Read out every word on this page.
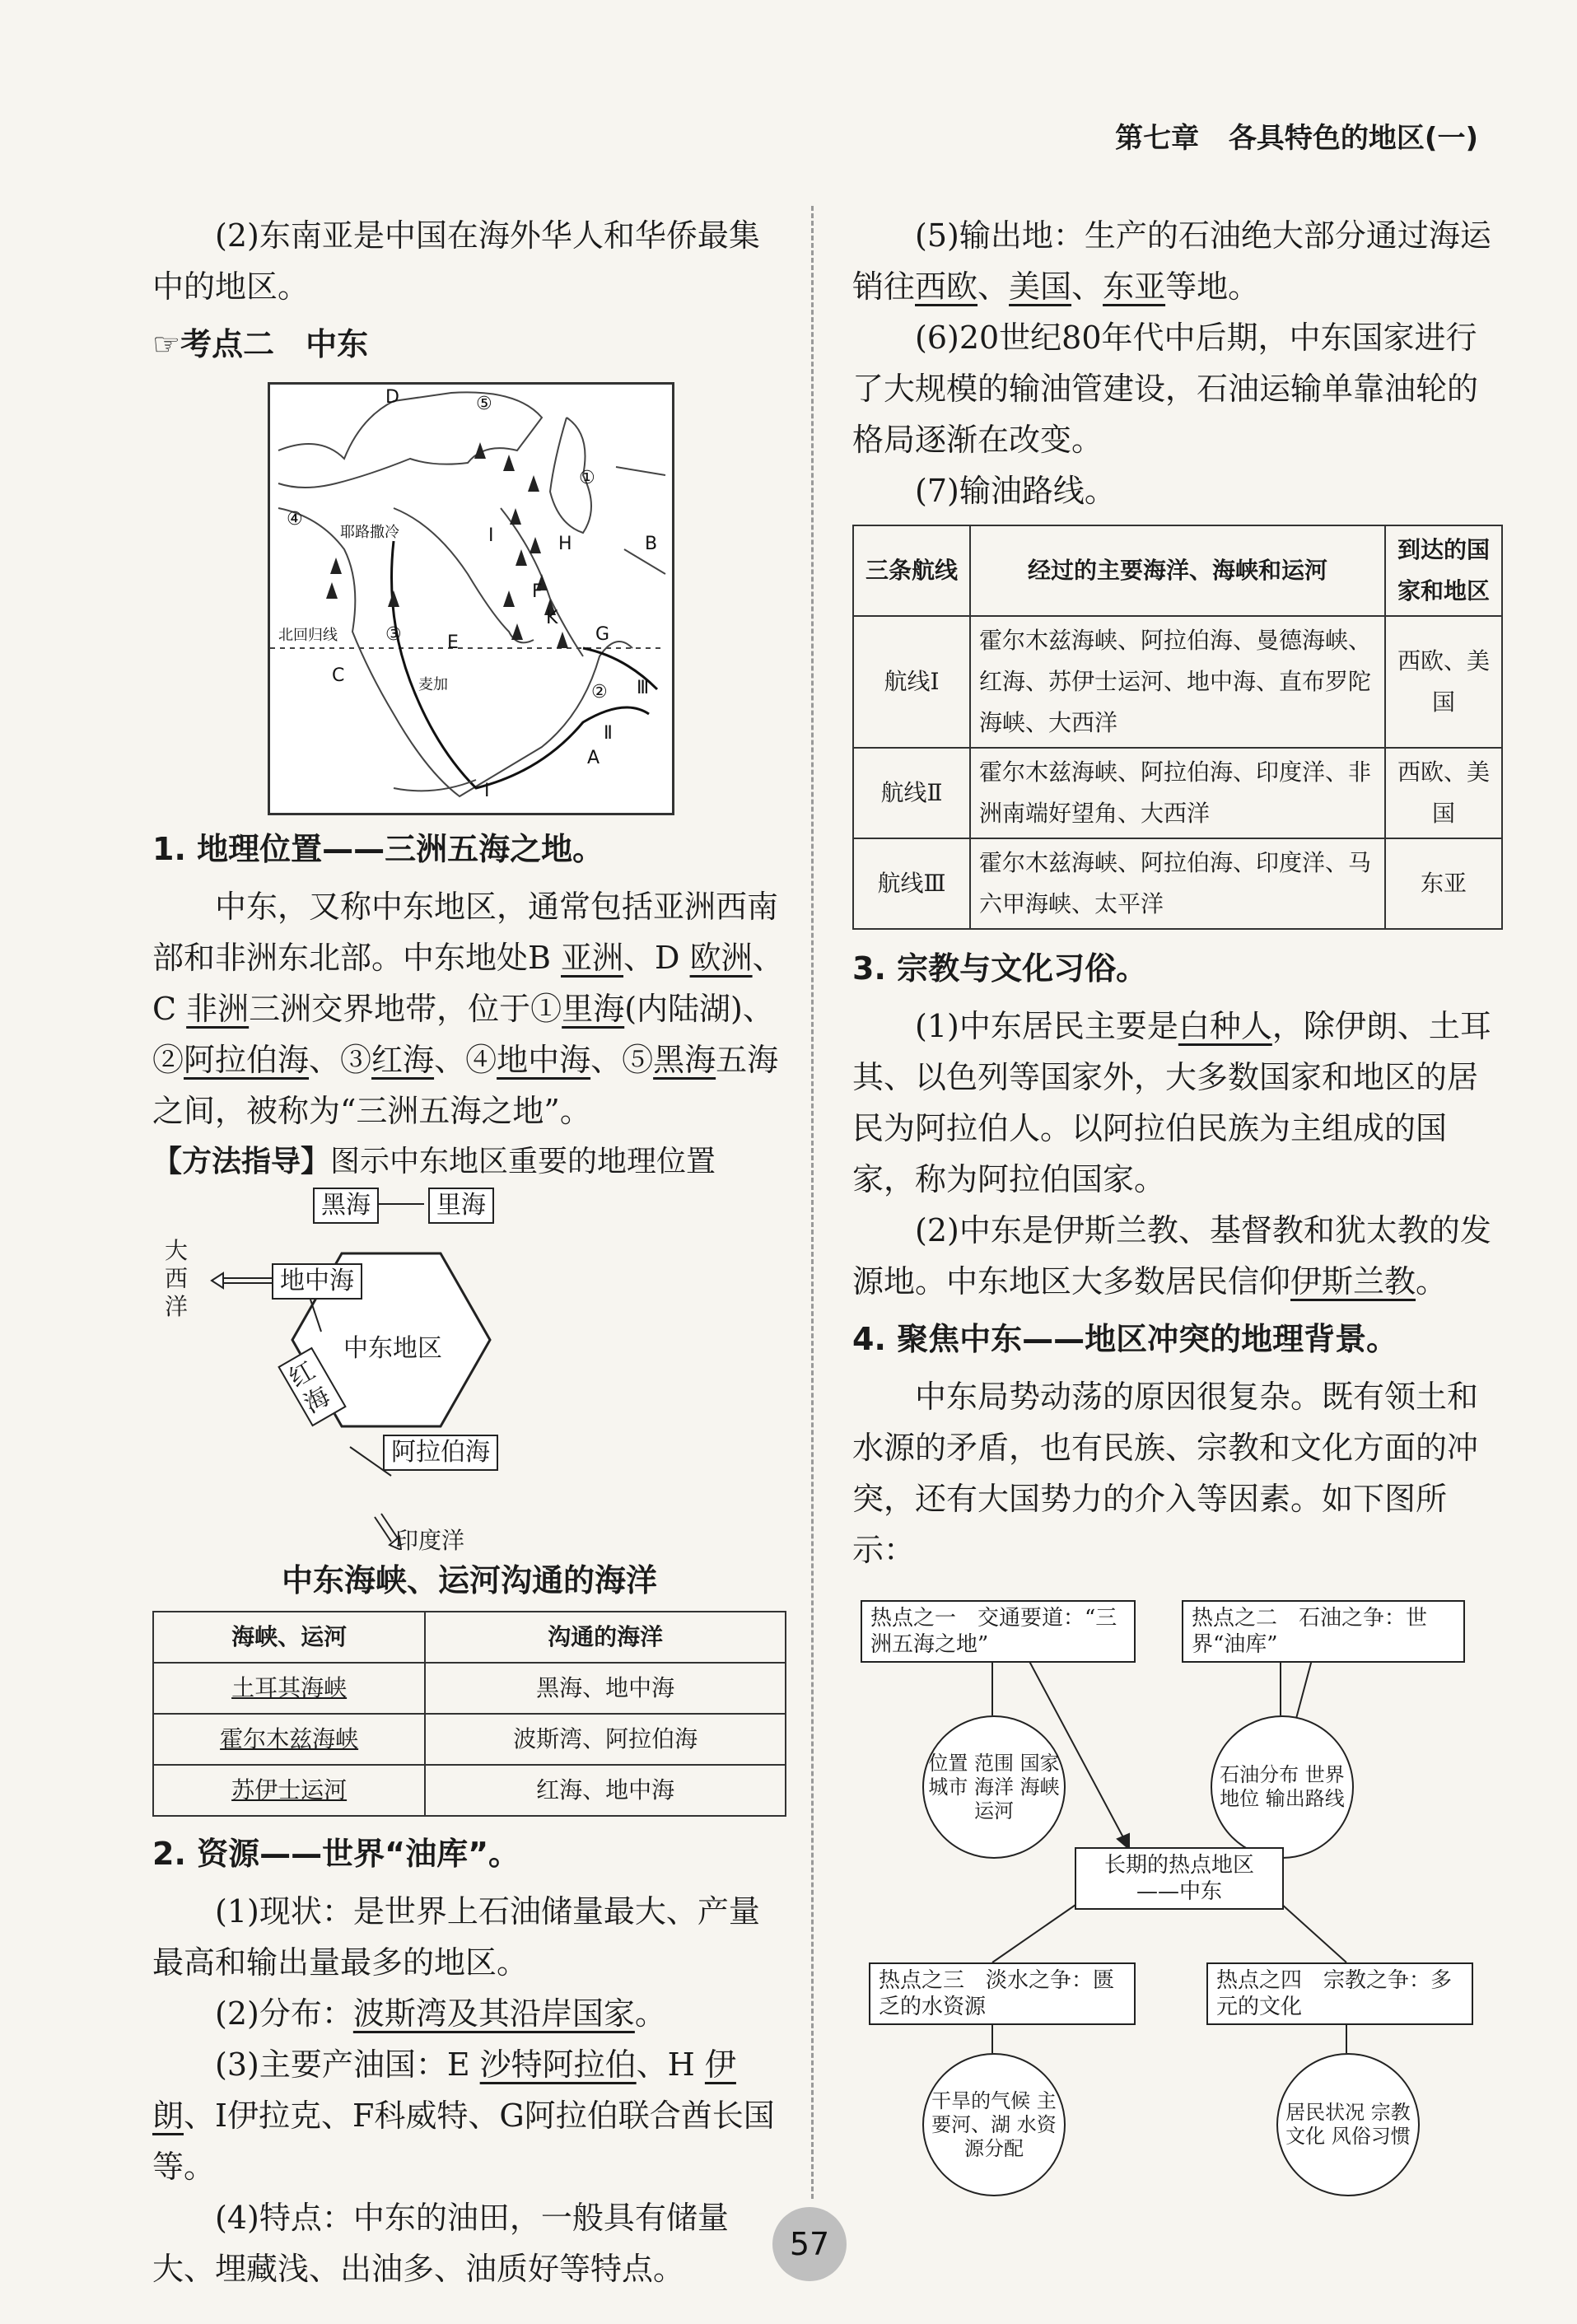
第七章 各具特色的地区(一)

(2)东南亚是中国在海外华人和华侨最集中的地区。

☞考点二　中东

D	⑤
①
B
H
I
G
F
K
E
C
A
Ⅰ
Ⅱ
Ⅲ
②
③
④
耶路撒冷
北回归线
麦加

1. 地理位置——三洲五海之地。

中东，又称中东地区，通常包括亚洲西南部和非洲东北部。中东地处B 亚洲、D 欧洲、C 非洲三洲交界地带，位于①里海(内陆湖)、②阿拉伯海、③红海、④地中海、⑤黑海五海之间，被称为“三洲五海之地”。

【方法指导】图示中东地区重要的地理位置

黑海	里海
地中海
大西洋
中东地区
红海
阿拉伯海
印度洋

中东海峡、运河沟通的海洋

海峡、运河	沟通的海洋
土耳其海峡	黑海、地中海
霍尔木兹海峡	波斯湾、阿拉伯海
苏伊士运河	红海、地中海

2. 资源——世界“油库”。

(1)现状：是世界上石油储量最大、产量最高和输出量最多的地区。

(2)分布：波斯湾及其沿岸国家。

(3)主要产油国：E 沙特阿拉伯、H 伊朗、I伊拉克、F科威特、G阿拉伯联合酋长国等。

(4)特点：中东的油田，一般具有储量大、埋藏浅、出油多、油质好等特点。

(5)输出地：生产的石油绝大部分通过海运销往西欧、美国、东亚等地。

(6)20世纪80年代中后期，中东国家进行了大规模的输油管建设，石油运输单靠油轮的格局逐渐在改变。

(7)输油路线。

三条航线	经过的主要海洋、海峡和运河	到达的国家和地区
航线Ⅰ	霍尔木兹海峡、阿拉伯海、曼德海峡、红海、苏伊士运河、地中海、直布罗陀海峡、大西洋	西欧、美国
航线Ⅱ	霍尔木兹海峡、阿拉伯海、印度洋、非洲南端好望角、大西洋	西欧、美国
航线Ⅲ	霍尔木兹海峡、阿拉伯海、印度洋、马六甲海峡、太平洋	东亚

3. 宗教与文化习俗。

(1)中东居民主要是白种人，除伊朗、土耳其、以色列等国家外，大多数国家和地区的居民为阿拉伯人。以阿拉伯民族为主组成的国家，称为阿拉伯国家。

(2)中东是伊斯兰教、基督教和犹太教的发源地。中东地区大多数居民信仰伊斯兰教。

4. 聚焦中东——地区冲突的地理背景。

中东局势动荡的原因很复杂。既有领土和水源的矛盾，也有民族、宗教和文化方面的冲突，还有大国势力的介入等因素。如下图所示：

热点之一　交通要道：“三洲五海之地”
热点之二　石油之争：世界“油库”
位置 范围 国家 城市 海洋 海峡 运河
石油分布 世界地位 输出路线
长期的热点地区——中东
热点之三　淡水之争：匮乏的水资源
热点之四　宗教之争：多元的文化
干旱的气候 主要河、湖 水资源分配
居民状况 宗教文化 风俗习惯
57
